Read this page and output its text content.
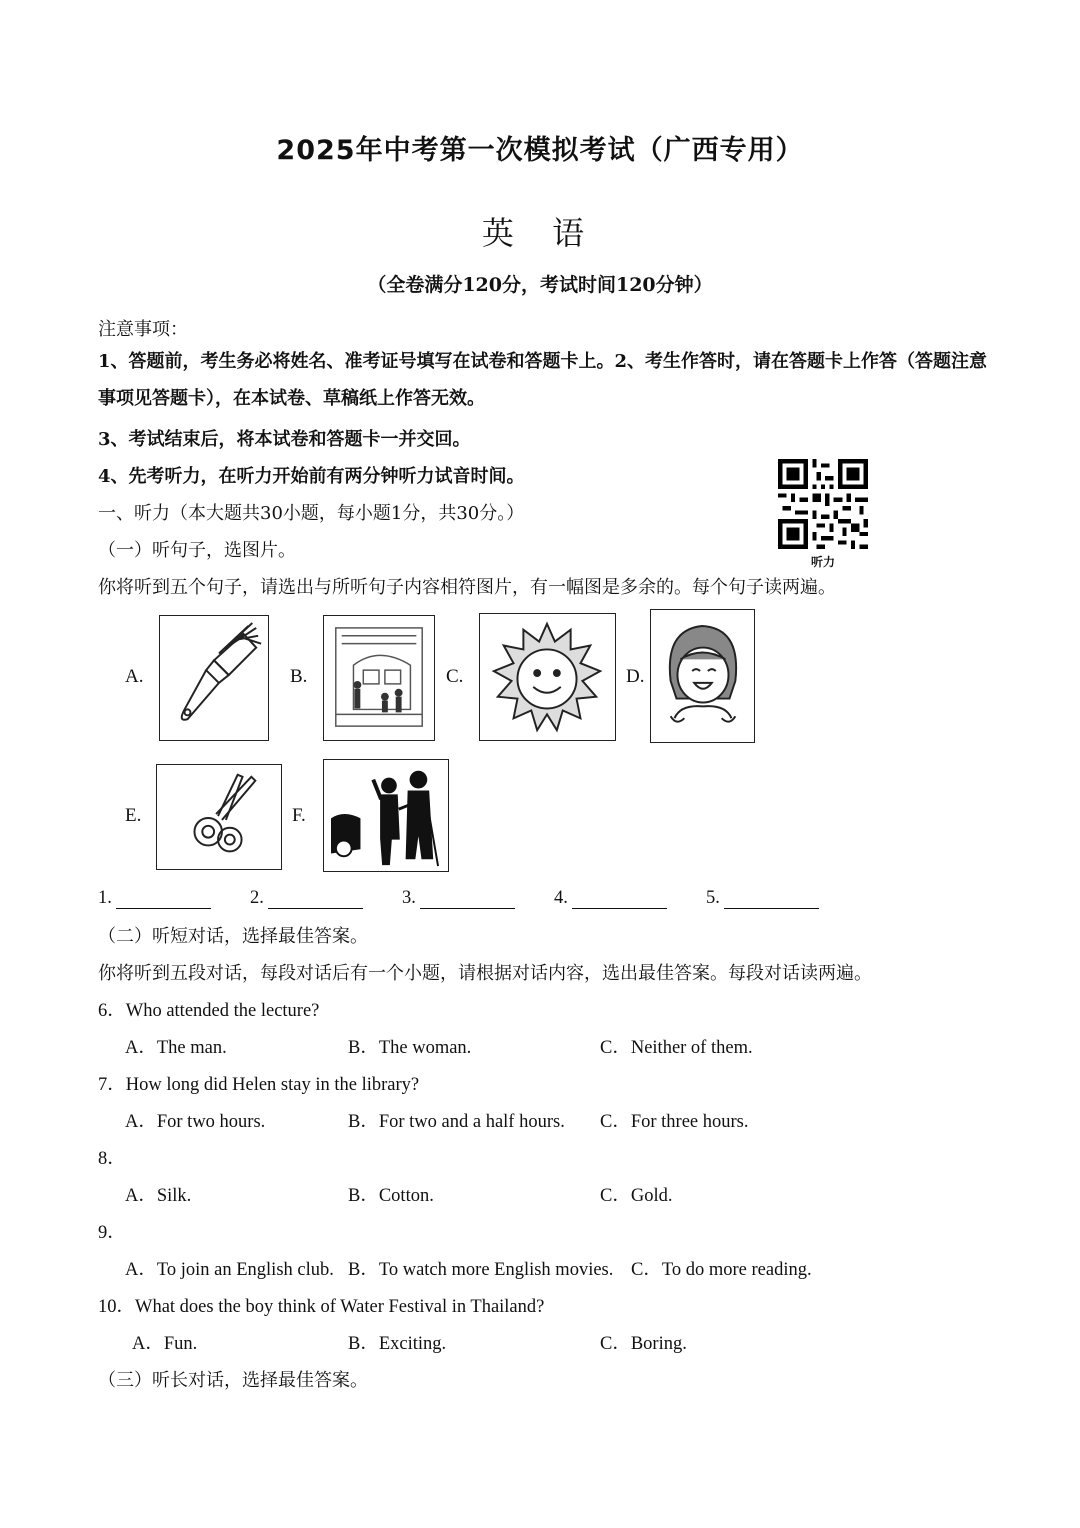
2025年中考第一次模拟考试（广西专用）
英 语
（全卷满分120分，考试时间120分钟）
注意事项：
1、答题前，考生务必将姓名、准考证号填写在试卷和答题卡上。2、考生作答时，请在答题卡上作答（答题注意事项见答题卡），在本试卷、草稿纸上作答无效。
3、考试结束后，将本试卷和答题卡一并交回。
4、先考听力，在听力开始前有两分钟听力试音时间。
听力
一、听力（本大题共30小题，每小题1分，共30分。）
（一）听句子，选图片。
你将听到五个句子，请选出与所听句子内容相符图片，有一幅图是多余的。每个句子读两遍。
A.	B.	C.	D.
E.	F.
1.	2.	3.	4.	5.
（二）听短对话，选择最佳答案。
你将听到五段对话，每段对话后有一个小题，请根据对话内容，选出最佳答案。每段对话读两遍。
6．Who attended the lecture?
A．The man.	B．The woman.	C．Neither of them.
7．How long did Helen stay in the library?
A．For two hours.	B．For two and a half hours. C．For three hours.
8．
A．Silk.	B．Cotton.	C．Gold.
9．
A．To join an English club. B．To watch more English movies. C．To do more reading.
10．What does the boy think of Water Festival in Thailand?
A．Fun.	B．Exciting.	C．Boring.
（三）听长对话，选择最佳答案。
